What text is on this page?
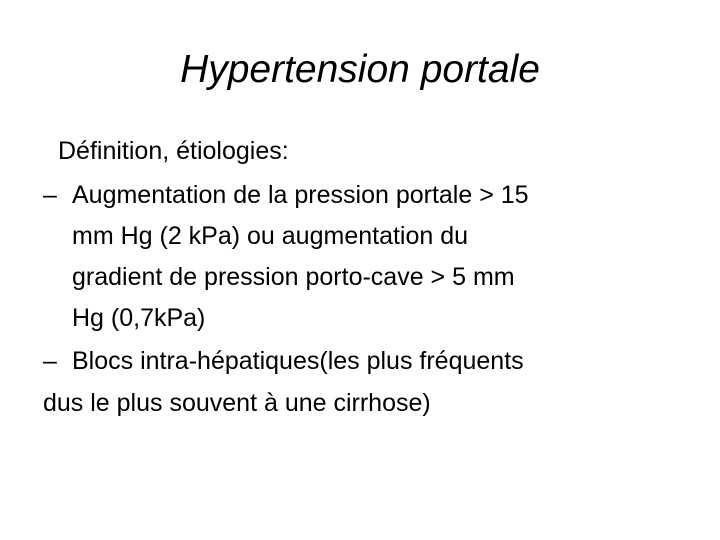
Hypertension portale
Définition, étiologies:
– Augmentation de la pression portale > 15
mm Hg (2 kPa) ou augmentation du
gradient de pression porto-cave > 5 mm
Hg (0,7kPa)
– Blocs intra-hépatiques(les plus fréquents
dus le plus souvent à une cirrhose)
